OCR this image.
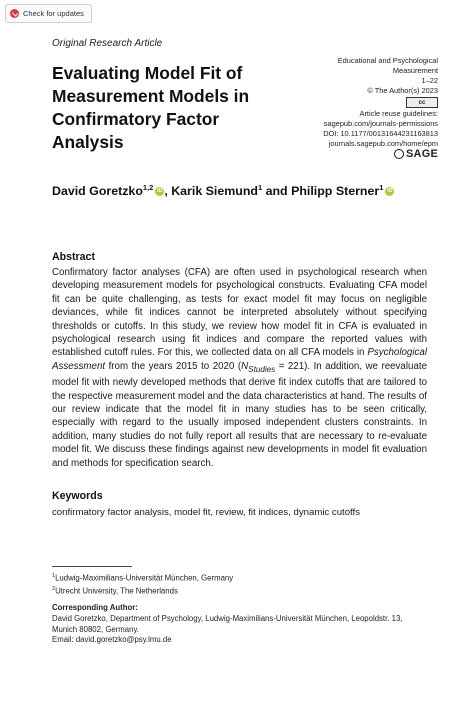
Check for updates
Original Research Article
Evaluating Model Fit of Measurement Models in Confirmatory Factor Analysis
Educational and Psychological
Measurement
1–22
© The Author(s) 2023
cc
Article reuse guidelines:
sagepub.com/journals-permissions
DOI: 10.1177/00131644231163813
journals.sagepub.com/home/epm
SAGE
David Goretzko$^{1,2}$ iD , Karik Siemund$^1$ and Philipp Sterner$^1$ iD
Abstract
Confirmatory factor analyses (CFA) are often used in psychological research when developing measurement models for psychological constructs. Evaluating CFA model fit can be quite challenging, as tests for exact model fit may focus on negligible deviances, while fit indices cannot be interpreted absolutely without specifying thresholds or cutoffs. In this study, we review how model fit in CFA is evaluated in psychological research using fit indices and compare the reported values with established cutoff rules. For this, we collected data on all CFA models in Psychological Assessment from the years 2015 to 2020 $(N_{Studies} = 221)$. In addition, we reevaluate model fit with newly developed methods that derive fit index cutoffs that are tailored to the respective measurement model and the data characteristics at hand. The results of our review indicate that the model fit in many studies has to be seen critically, especially with regard to the usually imposed independent clusters constraints. In addition, many studies do not fully report all results that are necessary to re-evaluate model fit. We discuss these findings against new developments in model fit evaluation and methods for specification search.
Keywords
confirmatory factor analysis, model fit, review, fit indices, dynamic cutoffs
$^1$Ludwig-Maximilians-Universität München, Germany
$^2$Utrecht University, The Netherlands
Corresponding Author:
David Goretzko, Department of Psychology, Ludwig-Maximilians-Universität München, Leopoldstr. 13, Munich 80802, Germany.
Email: david.goretzko@psy.lmu.de
